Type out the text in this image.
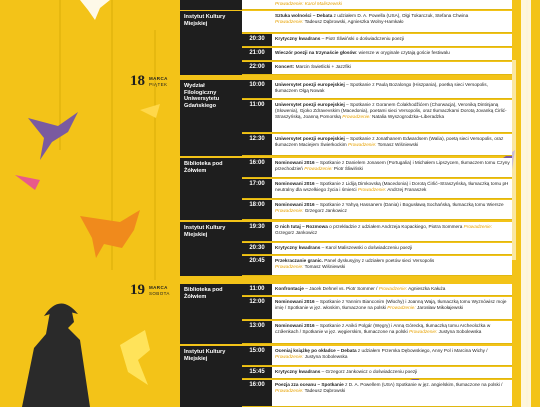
18 MARCA
PIĄTEK
19 MARCA
SOBOTA
Prowadzenie: Karol Maliszewski
Instytut Kultury Miejskiej
Sztuka wolności – Debata z udziałem D. A. Powella (USA), Olgi Tokarczuk, Stefana Chwina
Prowadzenie: Tadeusz Dąbrowski, Agnieszka Wolny-Hamkało
20:30	Krytyczny kwadrans – Piotr Śliwiński o doświadczeniu poezji
21:00	Wieczór poezji na trzynaście głosów: wiersze w oryginale czytają goście festiwalu
22:00	Koncert: Marcin Świetlicki + Jazzfiki
Wydział Filologiczny Uniwersytetu Gdańskiego
10:00	Uniwersytet poezji europejskiej – Spotkanie z Paulą Bozalongo (Hiszpania), poetką sieci Versopolis, tłumaczem Olgą Nowak
11:00	Uniwersytet poezji europejskiej – Spotkanie z Goranem Čolakhodžićem (Chorwacja), Veroniką Dintinjaną (Słowenia), Gjoko Zdravevskim (Macedonia), poetami sieci Versopolis, oraz tłumaczkami Dorotą Jovanką Ćirlić-Straszyńską, Joanną Pomorską Prowadzenie: Natalia Wyszogrodzka–Liberadzka
12:30	Uniwersytet poezji europejskiej – Spotkanie z Jonathanem Edwardsem (Walia), poetą sieci Versopolis, oraz tłumaczem Maciejem Świerkockim Prowadzenie: Tomasz Wiśniewski
Biblioteka pod Żółwiem
16:00	Nominowani 2016 – Spotkanie z Danielem Jonasem (Portugalia) i Michałem Lipszycem, tłumaczem tomu Czyny przechodzień Prowadzenie: Piotr Śliwiński
17:00	Nominowani 2016 – Spotkanie z Lidiją Dimkovską (Macedonia) i Dorotą Ćirlić–Straszyńską, tłumaczką tomu pH neutralny dla wszelkiego życia i śmierci Prowadzenie: Andrzej Franaszek
18:00	Nominowani 2016 – Spotkanie z Yahyą Hassanem (Dania) i Bogusławą Sochańską, tłumaczką tomu Wiersze Prowadzenie: Grzegorz Jankowicz
Instytut Kultury Miejskiej
19:30	O nich tutaj – Rozmowa o przekładzie z udziałem Andrzeja Kopackiego, Piotra Sommera Prowadzenie: Grzegorz Jankowicz
20:30	Krytyczny kwadrans – Karol Maliszewski o doświadczeniu poezji
20:45	Przekraczanie granic. Panel dyskusyjny z udziałem poetów sieci Versopolis
Prowadzenie: Tomasz Wiśniewski
Biblioteka pod Żółwiem
11:00	Konfrontacje – Jacek Dehnel vs. Piotr Sommer / Prowadzenie: Agnieszka Kałuża
12:00	Nominowani 2016 – Spotkanie z Yannim Bianconim (Włochy) i Joanną Wają, tłumaczką tomu Wyznówisz moje imię / Spotkanie w jęz. włoskim, tłumaczone na polski Prowadzenie: Jarosław Mikołajewski
13:00	Nominowani 2016 – Spotkanie z Anikó Polgár (Węgry) i Anną Górecką, tłumaczką tomu Archeolożka w czółenkach / Spotkanie w jęz. węgierskim, tłumaczone na polski Prowadzenie: Justyna Sobolewska
Instytut Kultury Miejskiej
15:00	Oceniaj książkę po okładce – Debata z udziałem Przemka Dębowskiego, Anny Pol i Marcina Wichy / Prowadzenie: Justyna Sobolewska
15:45	Krytyczny kwadrans – Grzegorz Jankowicz o doświadczeniu poezji
16:00	Poezja zza oceanu – Spotkanie z D. A. Powellem (USA) Spotkanie w jęz. angielskim, tłumaczone na polski / Prowadzenie: Tadeusz Dąbrowski
